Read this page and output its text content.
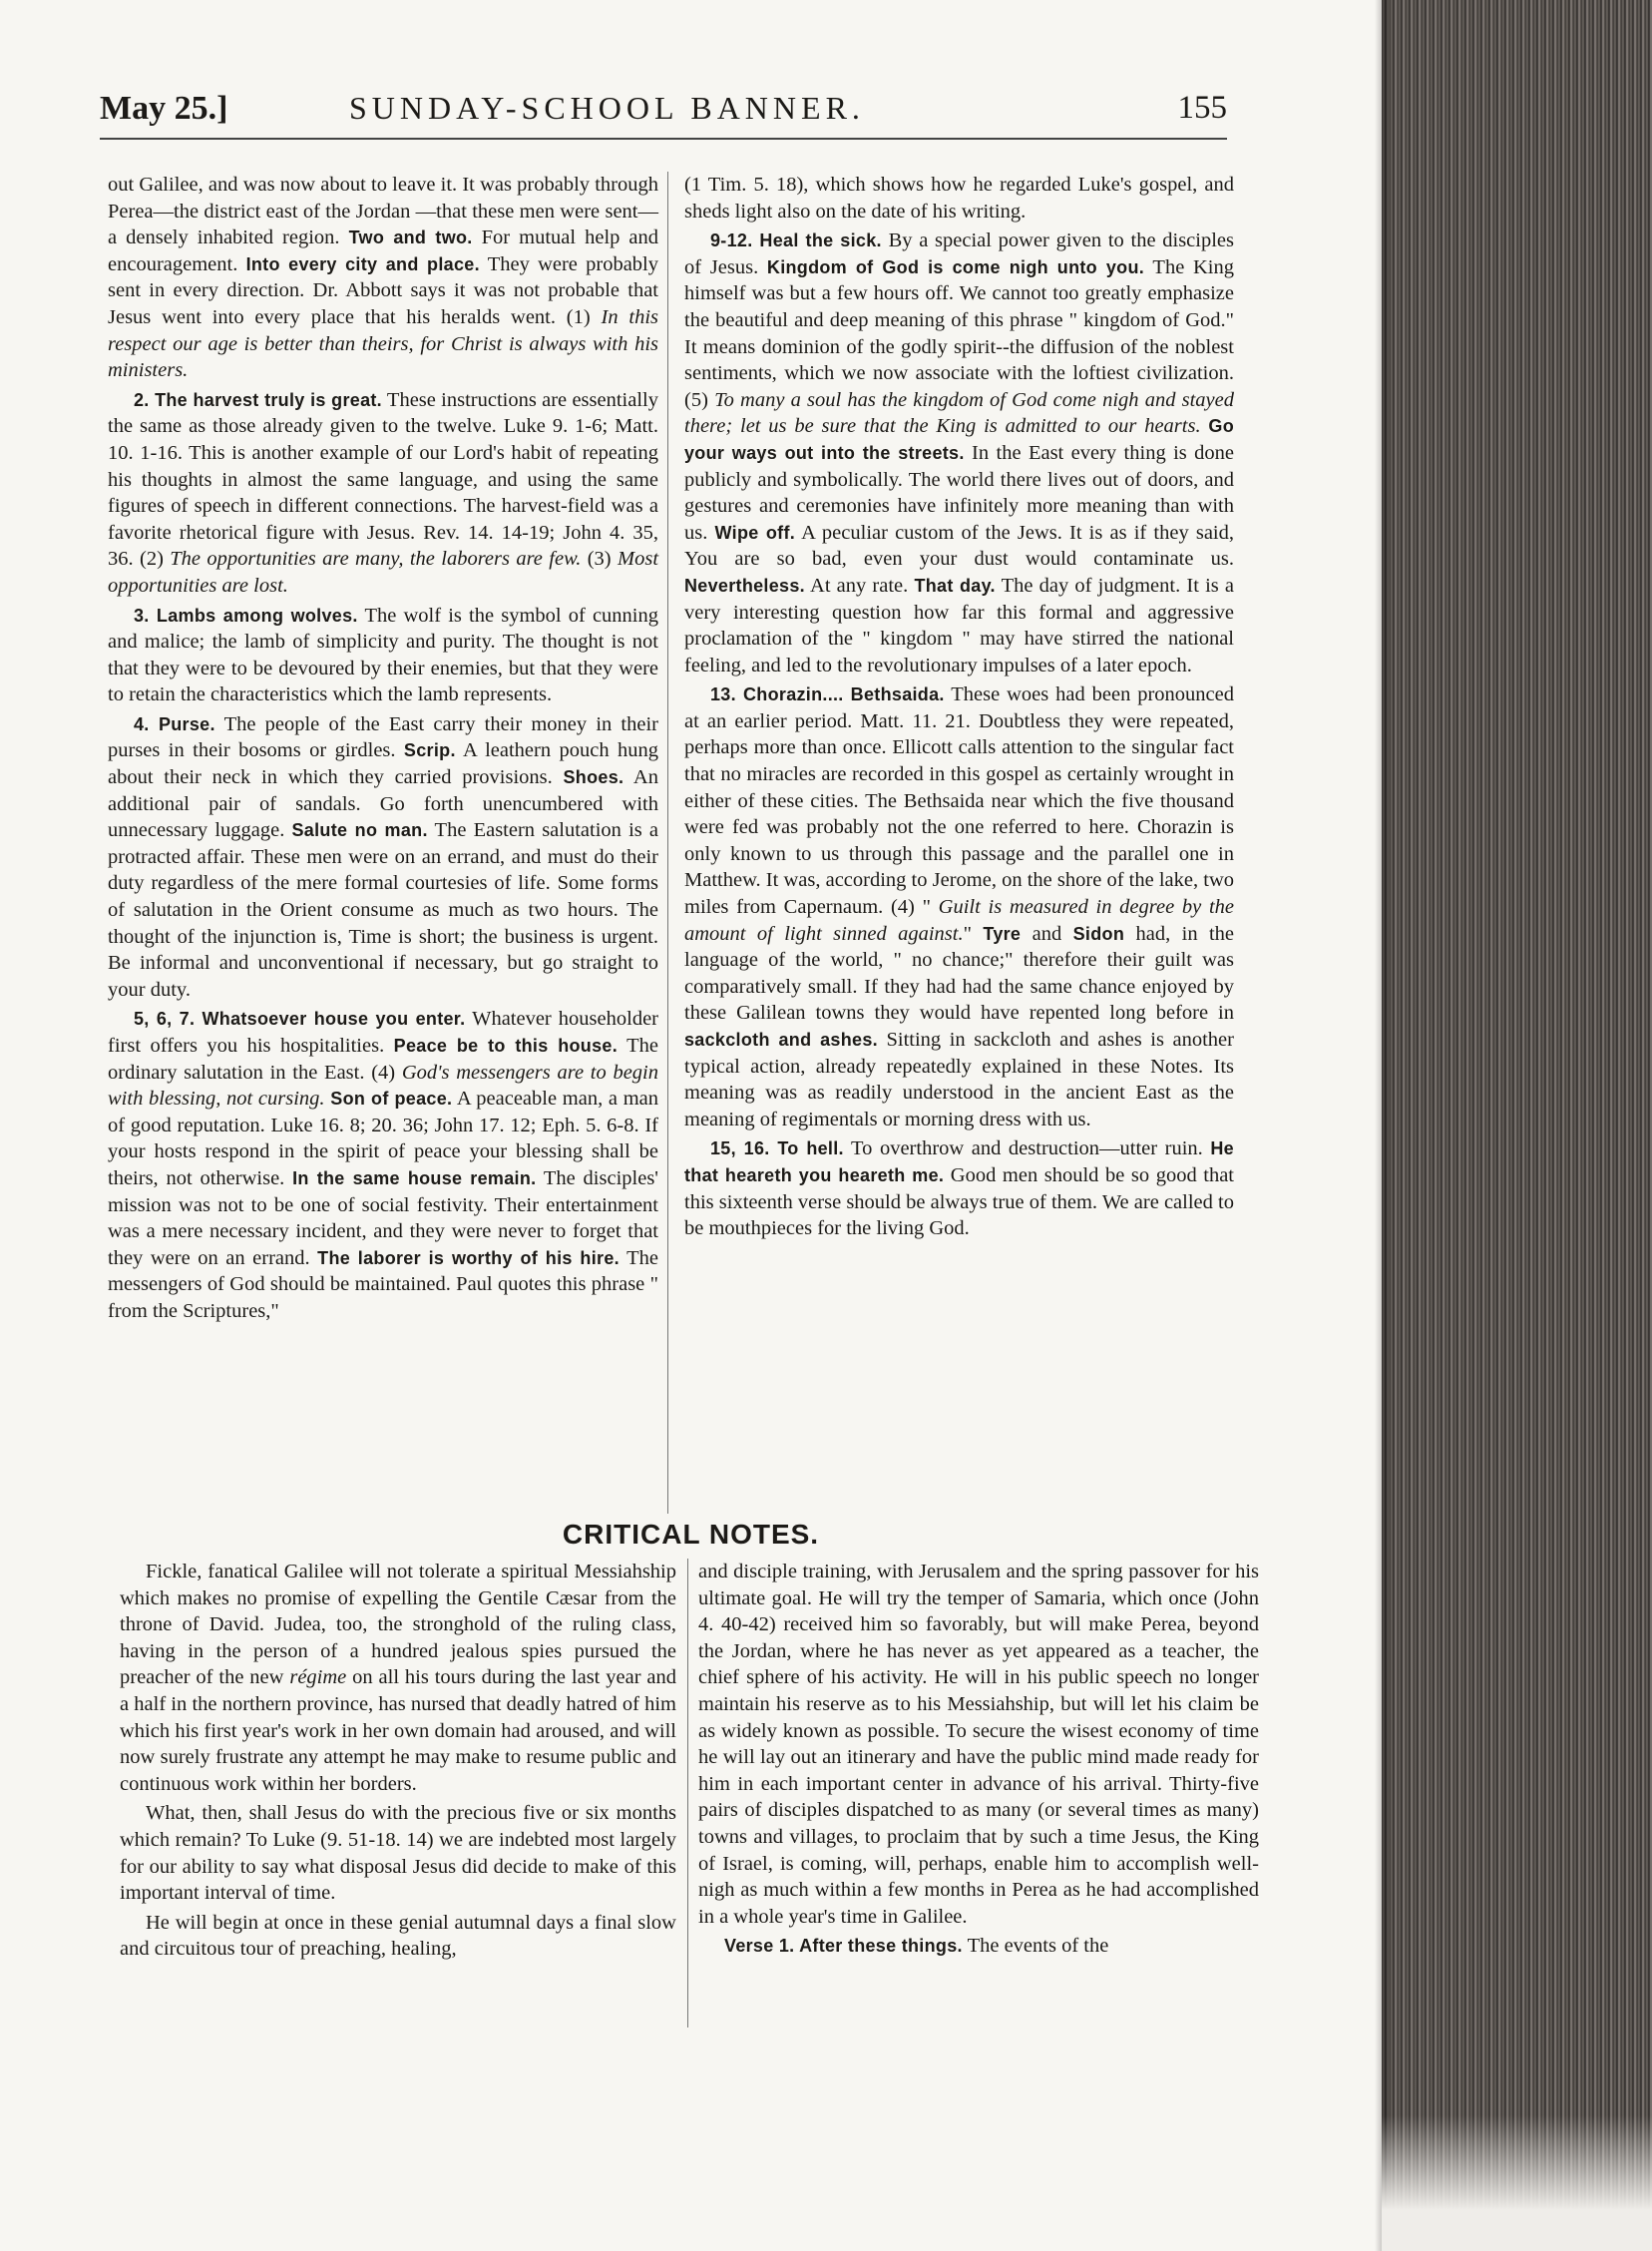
May 25.]	SUNDAY-SCHOOL BANNER.	155

out Galilee, and was now about to leave it. It was probably through Perea—the district east of the Jordan —that these men were sent—a densely inhabited region. Two and two. For mutual help and encouragement. Into every city and place. They were probably sent in every direction. Dr. Abbott says it was not probable that Jesus went into every place that his heralds went. (1) In this respect our age is better than theirs, for Christ is always with his ministers.

2. The harvest truly is great. These instructions are essentially the same as those already given to the twelve. Luke 9. 1-6; Matt. 10. 1-16. This is another example of our Lord's habit of repeating his thoughts in almost the same language, and using the same figures of speech in different connections. The harvest-field was a favorite rhetorical figure with Jesus. Rev. 14. 14-19; John 4. 35, 36. (2) The opportunities are many, the laborers are few. (3) Most opportunities are lost.

3. Lambs among wolves. The wolf is the symbol of cunning and malice; the lamb of simplicity and purity. The thought is not that they were to be devoured by their enemies, but that they were to retain the characteristics which the lamb represents.

4. Purse. The people of the East carry their money in their purses in their bosoms or girdles. Scrip. A leathern pouch hung about their neck in which they carried provisions. Shoes. An additional pair of sandals. Go forth unencumbered with unnecessary luggage. Salute no man. The Eastern salutation is a protracted affair. These men were on an errand, and must do their duty regardless of the mere formal courtesies of life. Some forms of salutation in the Orient consume as much as two hours. The thought of the injunction is, Time is short; the business is urgent. Be informal and unconventional if necessary, but go straight to your duty.

5, 6, 7. Whatsoever house you enter. Whatever householder first offers you his hospitalities. Peace be to this house. The ordinary salutation in the East. (4) God's messengers are to begin with blessing, not cursing. Son of peace. A peaceable man, a man of good reputation. Luke 16. 8; 20. 36; John 17. 12; Eph. 5. 6-8. If your hosts respond in the spirit of peace your blessing shall be theirs, not otherwise. In the same house remain. The disciples' mission was not to be one of social festivity. Their entertainment was a mere necessary incident, and they were never to forget that they were on an errand. The laborer is worthy of his hire. The messengers of God should be maintained. Paul quotes this phrase " from the Scriptures,"

(1 Tim. 5. 18), which shows how he regarded Luke's gospel, and sheds light also on the date of his writing.

9-12. Heal the sick. By a special power given to the disciples of Jesus. Kingdom of God is come nigh unto you. The King himself was but a few hours off. We cannot too greatly emphasize the beautiful and deep meaning of this phrase " kingdom of God." It means dominion of the godly spirit--the diffusion of the noblest sentiments, which we now associate with the loftiest civilization. (5) To many a soul has the kingdom of God come nigh and stayed there; let us be sure that the King is admitted to our hearts. Go your ways out into the streets. In the East every thing is done publicly and symbolically. The world there lives out of doors, and gestures and ceremonies have infinitely more meaning than with us. Wipe off. A peculiar custom of the Jews. It is as if they said, You are so bad, even your dust would contaminate us. Nevertheless. At any rate. That day. The day of judgment. It is a very interesting question how far this formal and aggressive proclamation of the " kingdom " may have stirred the national feeling, and led to the revolutionary impulses of a later epoch.

13. Chorazin.... Bethsaida. These woes had been pronounced at an earlier period. Matt. 11. 21. Doubtless they were repeated, perhaps more than once. Ellicott calls attention to the singular fact that no miracles are recorded in this gospel as certainly wrought in either of these cities. The Bethsaida near which the five thousand were fed was probably not the one referred to here. Chorazin is only known to us through this passage and the parallel one in Matthew. It was, according to Jerome, on the shore of the lake, two miles from Capernaum. (4) " Guilt is measured in degree by the amount of light sinned against." Tyre and Sidon had, in the language of the world, " no chance;" therefore their guilt was comparatively small. If they had had the same chance enjoyed by these Galilean towns they would have repented long before in sackcloth and ashes. Sitting in sackcloth and ashes is another typical action, already repeatedly explained in these Notes. Its meaning was as readily understood in the ancient East as the meaning of regimentals or morning dress with us.

15, 16. To hell. To overthrow and destruction—utter ruin. He that heareth you heareth me. Good men should be so good that this sixteenth verse should be always true of them. We are called to be mouthpieces for the living God.

CRITICAL NOTES.

Fickle, fanatical Galilee will not tolerate a spiritual Messiahship which makes no promise of expelling the Gentile Cæsar from the throne of David. Judea, too, the stronghold of the ruling class, having in the person of a hundred jealous spies pursued the preacher of the new régime on all his tours during the last year and a half in the northern province, has nursed that deadly hatred of him which his first year's work in her own domain had aroused, and will now surely frustrate any attempt he may make to resume public and continuous work within her borders.

What, then, shall Jesus do with the precious five or six months which remain? To Luke (9. 51-18. 14) we are indebted most largely for our ability to say what disposal Jesus did decide to make of this important interval of time.

He will begin at once in these genial autumnal days a final slow and circuitous tour of preaching, healing,

and disciple training, with Jerusalem and the spring passover for his ultimate goal. He will try the temper of Samaria, which once (John 4. 40-42) received him so favorably, but will make Perea, beyond the Jordan, where he has never as yet appeared as a teacher, the chief sphere of his activity. He will in his public speech no longer maintain his reserve as to his Messiahship, but will let his claim be as widely known as possible. To secure the wisest economy of time he will lay out an itinerary and have the public mind made ready for him in each important center in advance of his arrival. Thirty-five pairs of disciples dispatched to as many (or several times as many) towns and villages, to proclaim that by such a time Jesus, the King of Israel, is coming, will, perhaps, enable him to accomplish well-nigh as much within a few months in Perea as he had accomplished in a whole year's time in Galilee.

Verse 1. After these things. The events of the
